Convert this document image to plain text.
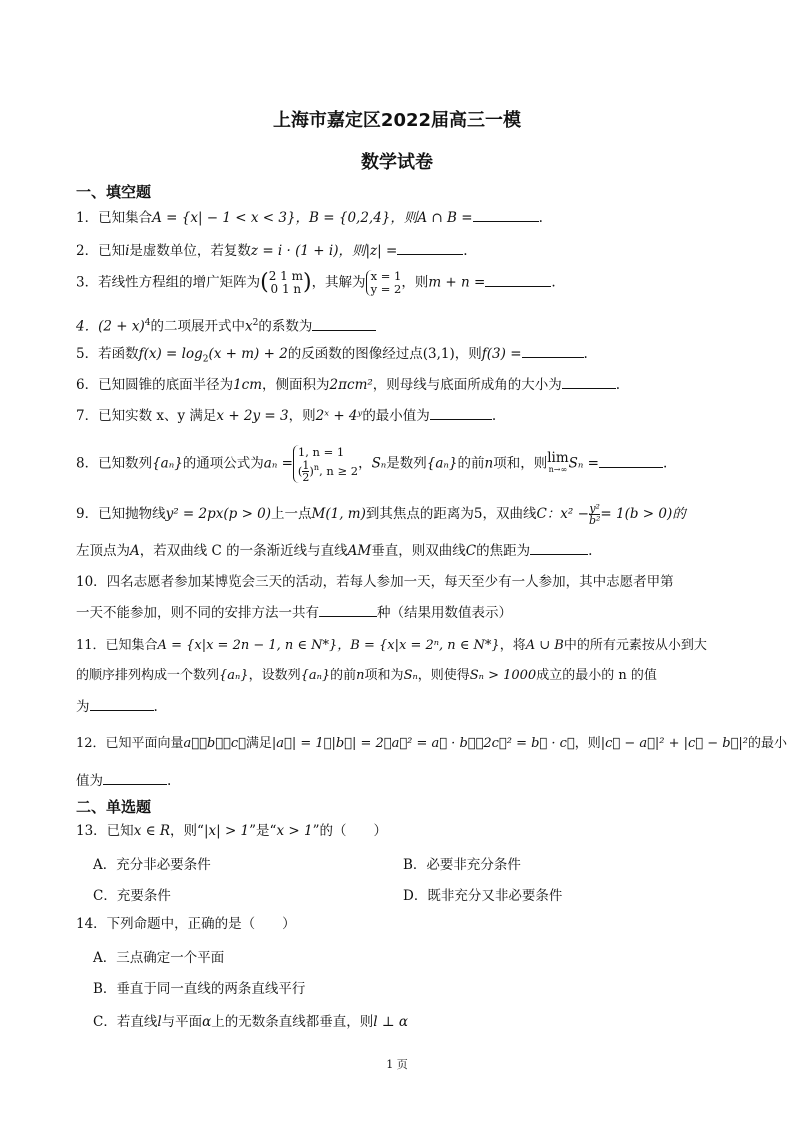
上海市嘉定区2022届高三一模
数学试卷
一、填空题
1．已知集合A = {x| − 1 < x < 3}，B = {0,2,4}，则A ∩ B =	.
2．已知i是虚数单位，若复数z = i · (1 + i)，则|z| =	.
3．若线性方程组的增广矩阵为( 2 1 m
0 1 n )，其解为 x = 1
y = 2 ，则m + n =	.
4．$(2 + x)^4$的二项展开式中$x^2$的系数为
5．若函数$f(x) = \log_2(x + m) + 2$的反函数的图像经过点(3,1)，则f(3) =	.
6．已知圆锥的底面半径为1cm，侧面积为2πcm²，则母线与底面所成角的大小为	.
7．已知实数 x、y 满足x + 2y = 3，则2ˣ + 4ʸ的最小值为	.
8．已知数列{aₙ}的通项公式为aₙ =
1, n = 1
( $\frac{1}{2} )^n$, n ≥ 2 ，Sₙ是数列{aₙ}的前n项和，则 lim
n→∞ Sₙ =	.
9．已知抛物线y² = 2px(p > 0)上一点M(1, m)到其焦点的距离为5，双曲线C：$x^2 - \frac{\text{y²}}{\text{b²}} = 1(b > 0)$的
左顶点为A，若双曲线 C 的一条渐近线与直线AM垂直，则双曲线C的焦距为	.
10．四名志愿者参加某博览会三天的活动，若每人参加一天，每天至少有一人参加，其中志愿者甲第
一天不能参加，则不同的安排方法一共有	种（结果用数值表示）
11．已知集合A = {x|x = 2n − 1, n ∈ N*}，B = {x|x = 2ⁿ, n ∈ N*}，将A ∪ B中的所有元素按从小到大
的顺序排列构成一个数列{aₙ}，设数列{aₙ}的前n项和为Sₙ，则使得Sₙ > 1000成立的最小的 n 的值
为	.
12．已知平面向量a⃗，b⃗，c⃗满足|a⃗| = 1，|b⃗| = 2，a⃗² = a⃗ · b⃗，2c⃗² = b⃗ · c⃗，则|c⃗ − a⃗|² + |c⃗ − b⃗|²的最小
值为	.
二、单选题
13．已知x ∈ R，则“|x| > 1”是“x > 1”的（　　）
A．充分非必要条件	B．必要非充分条件
C．充要条件	D．既非充分又非必要条件
14．下列命题中，正确的是（　　）
A．三点确定一个平面
B．垂直于同一直线的两条直线平行
C．若直线l与平面α上的无数条直线都垂直，则l ⊥ α
1 页
